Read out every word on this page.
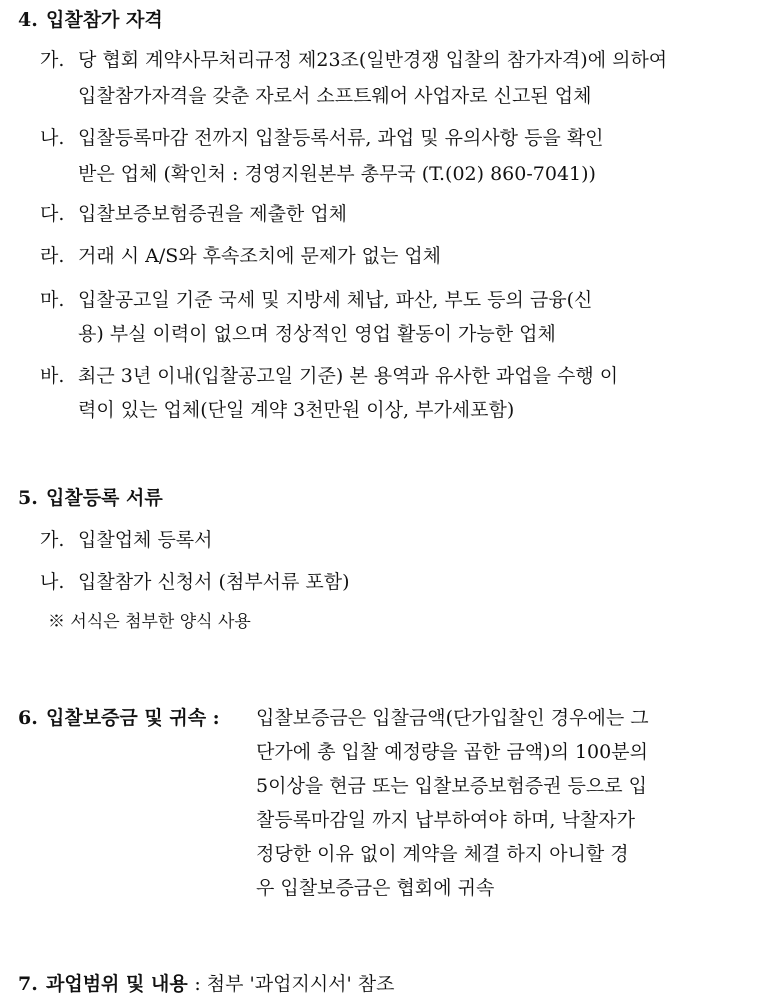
4. 입찰참가 자격
가. 당 협회 계약사무처리규정 제23조(일반경쟁 입찰의 참가자격)에 의하여
입찰참가자격을 갖춘 자로서 소프트웨어 사업자로 신고된 업체
나. 입찰등록마감 전까지 입찰등록서류, 과업 및 유의사항 등을 확인
받은 업체 (확인처 : 경영지원본부 총무국 (T.(02) 860-7041))
다. 입찰보증보험증권을 제출한 업체
라. 거래 시 A/S와 후속조치에 문제가 없는 업체
마. 입찰공고일 기준 국세 및 지방세 체납, 파산, 부도 등의 금융(신
용) 부실 이력이 없으며 정상적인 영업 활동이 가능한 업체
바. 최근 3년 이내(입찰공고일 기준) 본 용역과 유사한 과업을 수행 이
력이 있는 업체(단일 계약 3천만원 이상, 부가세포함)
5. 입찰등록 서류
가. 입찰업체 등록서
나. 입찰참가 신청서 (첨부서류 포함)
※ 서식은 첨부한 양식 사용
6. 입찰보증금 및 귀속 : 입찰보증금은 입찰금액(단가입찰인 경우에는 그
단가에 총 입찰 예정량을 곱한 금액)의 100분의
5이상을 현금 또는 입찰보증보험증권 등으로 입
찰등록마감일 까지 납부하여야 하며, 낙찰자가
정당한 이유 없이 계약을 체결 하지 아니할 경
우 입찰보증금은 협회에 귀속
7. 과업범위 및 내용 : 첨부 '과업지시서' 참조
